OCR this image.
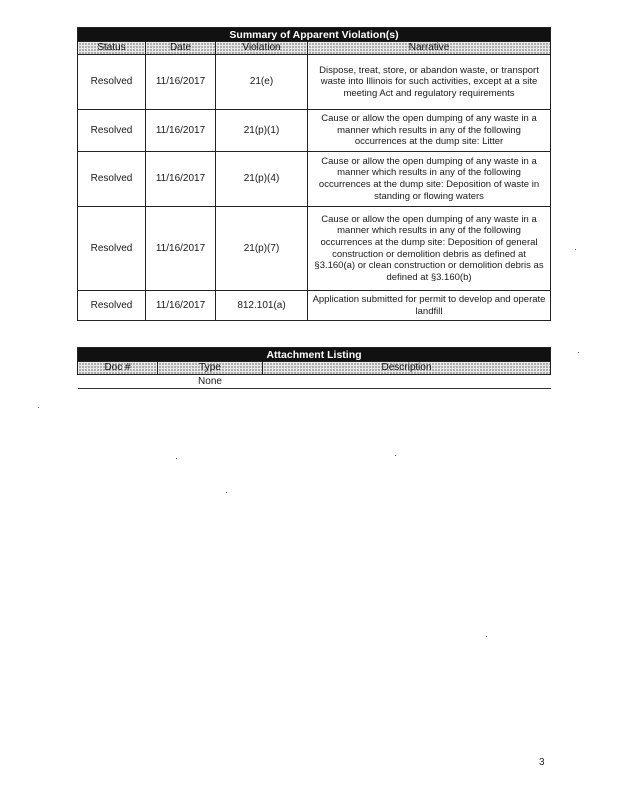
Summary of Apparent Violation(s)			
Status	Date	Violation	Narrative
Resolved	11/16/2017	21(e)	Dispose, treat, store, or abandon waste, or transport waste into Illinois for such activities, except at a site meeting Act and regulatory requirements
Resolved	11/16/2017	21(p)(1)	Cause or allow the open dumping of any waste in a manner which results in any of the following occurrences at the dump site: Litter
Resolved	11/16/2017	21(p)(4)	Cause or allow the open dumping of any waste in a manner which results in any of the following occurrences at the dump site: Deposition of waste in standing or flowing waters
Resolved	11/16/2017	21(p)(7)	Cause or allow the open dumping of any waste in a manner which results in any of the following occurrences at the dump site: Deposition of general construction or demolition debris as defined at §3.160(a) or clean construction or demolition debris as defined at §3.160(b)
Resolved	11/16/2017	812.101(a)	Application submitted for permit to develop and operate landfill
Attachment Listing		
Doc #	Type	Description
	None	
3
